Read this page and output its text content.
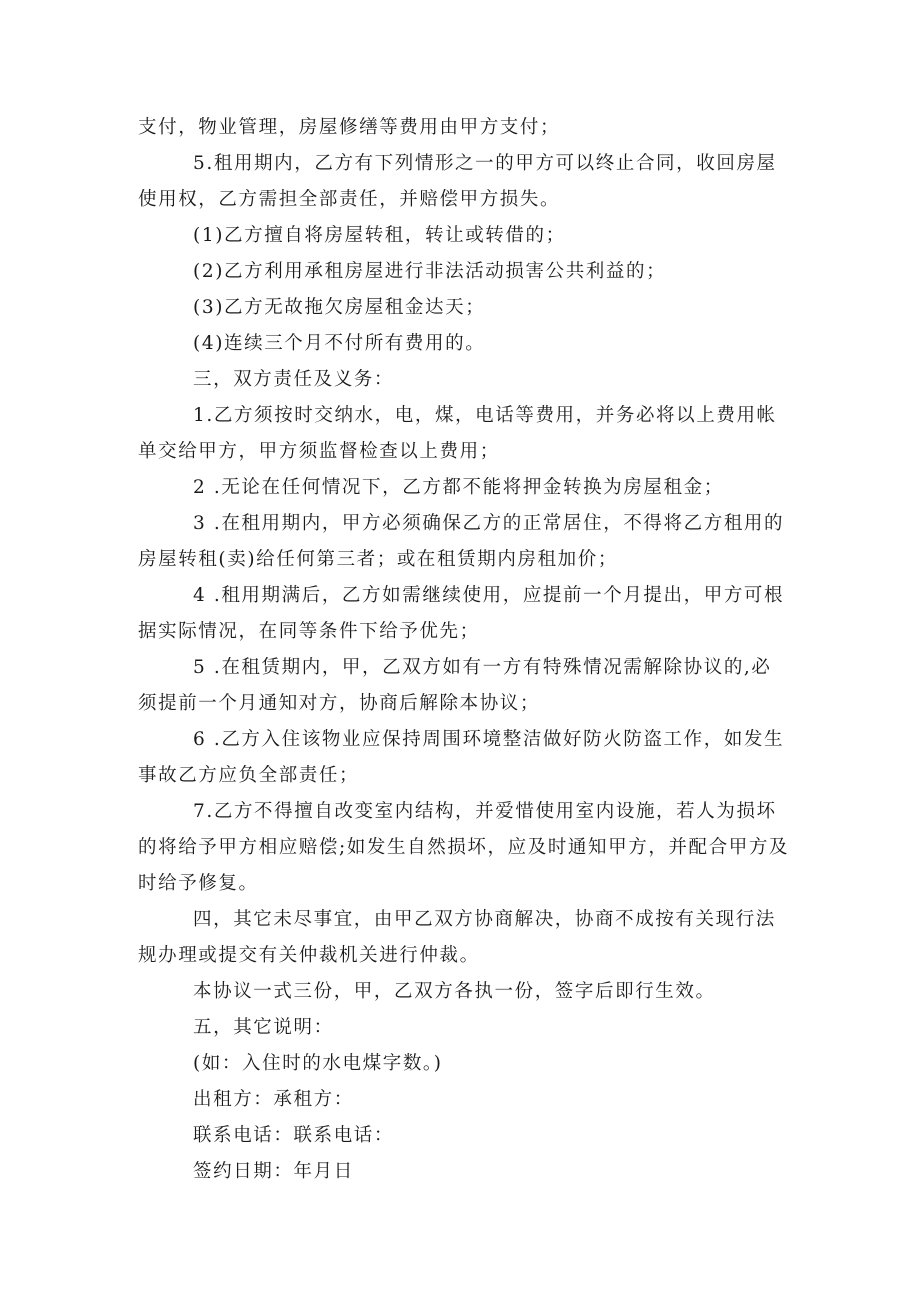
支付，物业管理，房屋修缮等费用由甲方支付；
5.租用期内，乙方有下列情形之一的甲方可以终止合同，收回房屋
使用权，乙方需担全部责任，并赔偿甲方损失。
(1)乙方擅自将房屋转租，转让或转借的；
(2)乙方利用承租房屋进行非法活动损害公共利益的；
(3)乙方无故拖欠房屋租金达天；
(4)连续三个月不付所有费用的。
三，双方责任及义务：
1.乙方须按时交纳水，电，煤，电话等费用，并务必将以上费用帐
单交给甲方，甲方须监督检查以上费用；
2 .无论在任何情况下，乙方都不能将押金转换为房屋租金；
3 .在租用期内，甲方必须确保乙方的正常居住，不得将乙方租用的
房屋转租(卖)给任何第三者；或在租赁期内房租加价；
4 .租用期满后，乙方如需继续使用，应提前一个月提出，甲方可根
据实际情况，在同等条件下给予优先；
5 .在租赁期内，甲，乙双方如有一方有特殊情况需解除协议的,必
须提前一个月通知对方，协商后解除本协议；
6 .乙方入住该物业应保持周围环境整洁做好防火防盗工作，如发生
事故乙方应负全部责任；
7.乙方不得擅自改变室内结构，并爱惜使用室内设施，若人为损坏
的将给予甲方相应赔偿;如发生自然损坏，应及时通知甲方，并配合甲方及
时给予修复。
四，其它未尽事宜，由甲乙双方协商解决，协商不成按有关现行法
规办理或提交有关仲裁机关进行仲裁。
本协议一式三份，甲，乙双方各执一份，签字后即行生效。
五，其它说明：
(如：入住时的水电煤字数。)
出租方：承租方：
联系电话：联系电话：
签约日期：年月日
